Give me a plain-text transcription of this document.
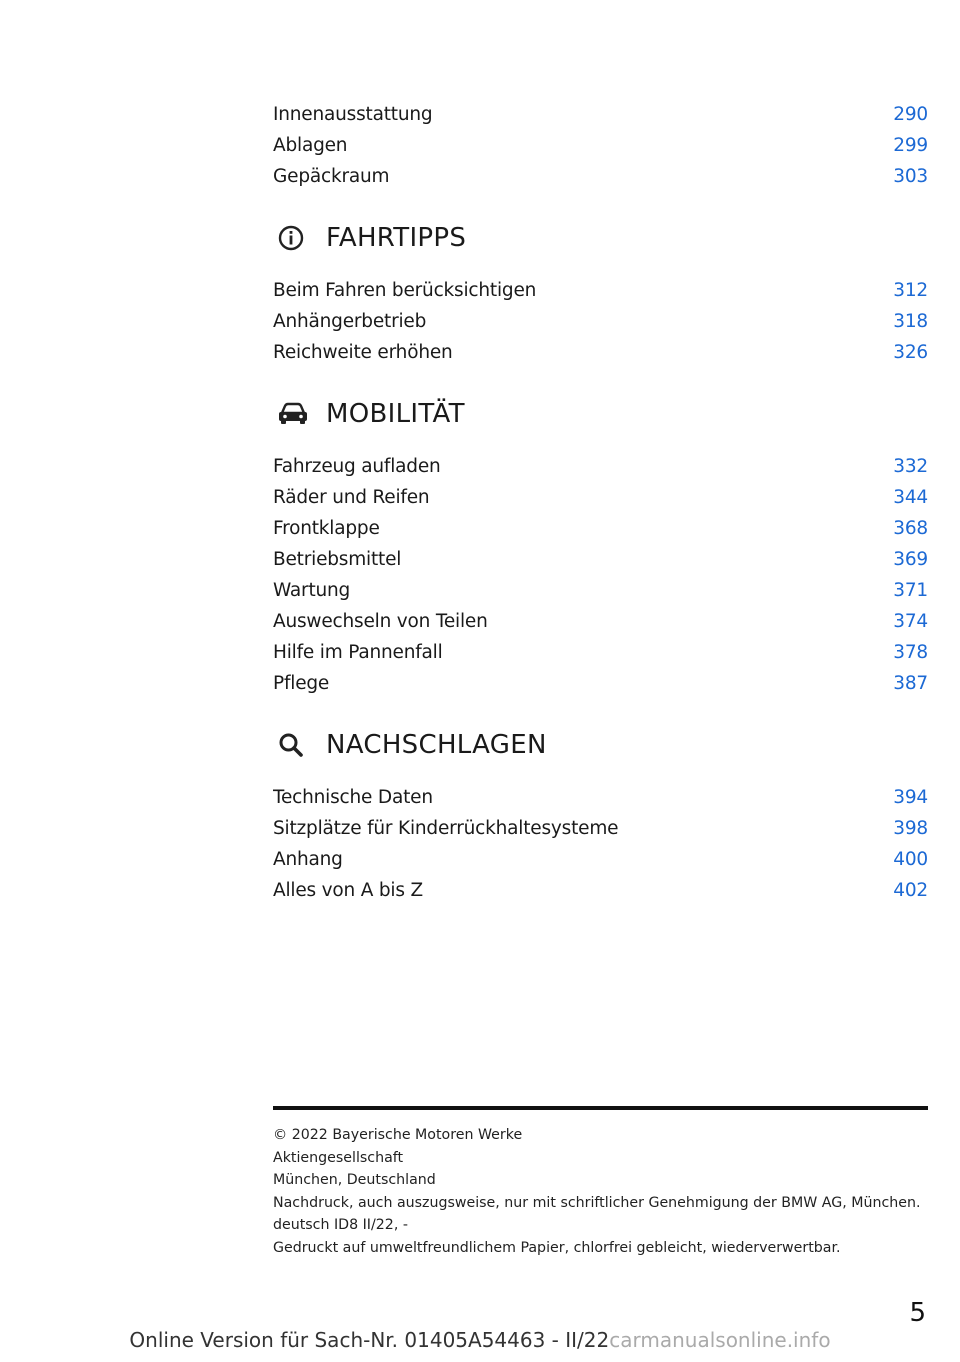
Innenausstattung . . .	290
Ablagen . . .	299
Gepäckraum . . .	303
FAHRTIPPS
Beim Fahren berücksichtigen . . .	312
Anhängerbetrieb . . .	318
Reichweite erhöhen . . .	326
MOBILITÄT
Fahrzeug aufladen . . .	332
Räder und Reifen . . .	344
Frontklappe . . .	368
Betriebsmittel . . .	369
Wartung . . .	371
Auswechseln von Teilen . . .	374
Hilfe im Pannenfall . . .	378
Pflege . . .	387
NACHSCHLAGEN
Technische Daten . . .	394
Sitzplätze für Kinderrückhaltesysteme . . .	398
Anhang . . .	400
Alles von A bis Z . . .	402
© 2022 Bayerische Motoren Werke
Aktiengesellschaft
München, Deutschland
Nachdruck, auch auszugsweise, nur mit schriftlicher Genehmigung der BMW AG, München.
deutsch ID8 II/22, -
Gedruckt auf umweltfreundlichem Papier, chlorfrei gebleicht, wiederverwertbar.
5
Online Version für Sach-Nr. 01405A54463 - II/22carmanualsonline.info
